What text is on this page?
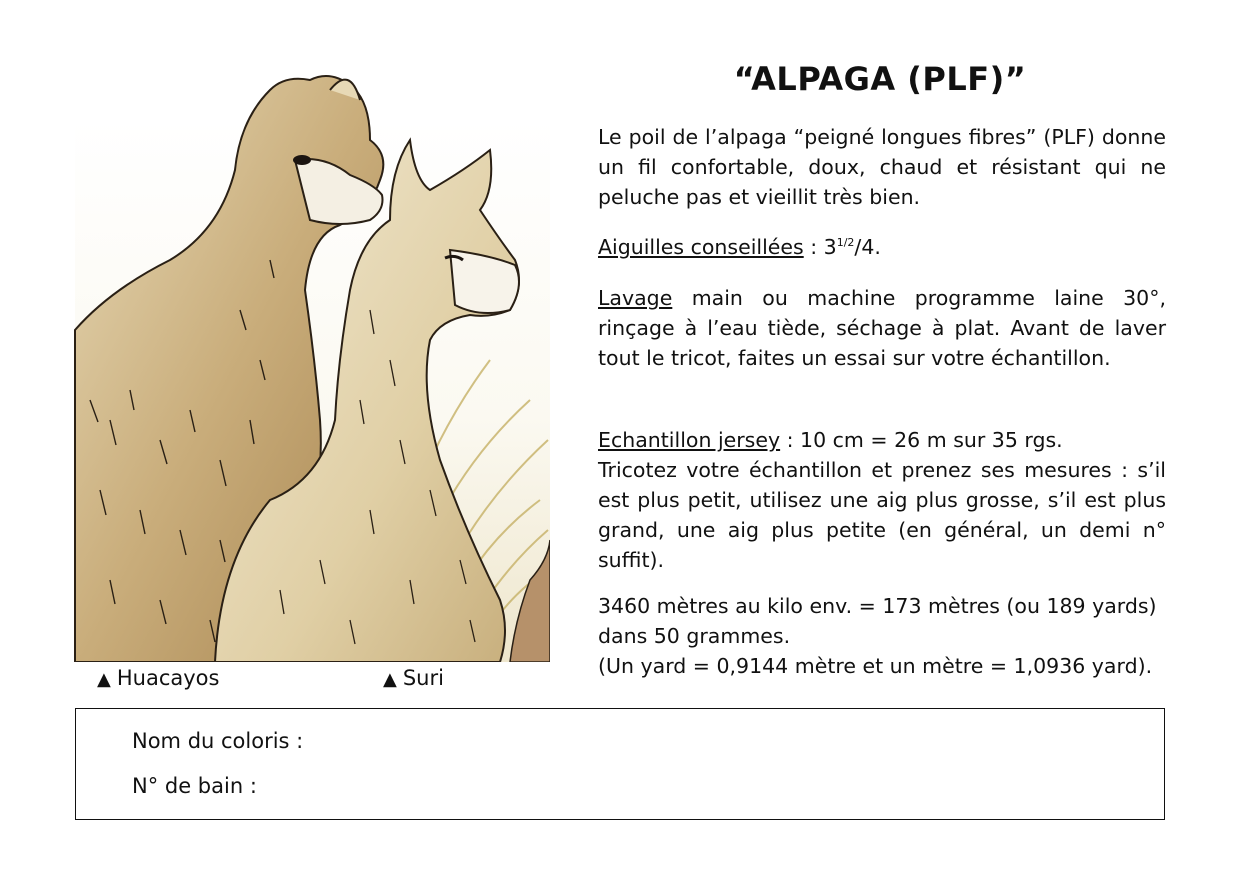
▲ Huacayos	▲ Suri
“ALPAGA (PLF)”

Le poil de l’alpaga “peigné longues fibres” (PLF) donne un fil confortable, doux, chaud et résistant qui ne peluche pas et vieillit très bien.

Aiguilles conseillées : $3^{1/2}/4$.

Lavage main ou machine programme laine 30°, rinçage à l’eau tiède, séchage à plat. Avant de laver tout le tricot, faites un essai sur votre échantillon.

Echantillon jersey : 10 cm = 26 m sur 35 rgs.
Tricotez votre échantillon et prenez ses mesures : s’il est plus petit, utilisez une aig plus grosse, s’il est plus grand, une aig plus petite (en général, un demi n° suffit).

3460 mètres au kilo env. = 173 mètres (ou 189 yards) dans 50 grammes.
(Un yard = 0,9144 mètre et un mètre = 1,0936 yard).

Nom du coloris :
N° de bain :
